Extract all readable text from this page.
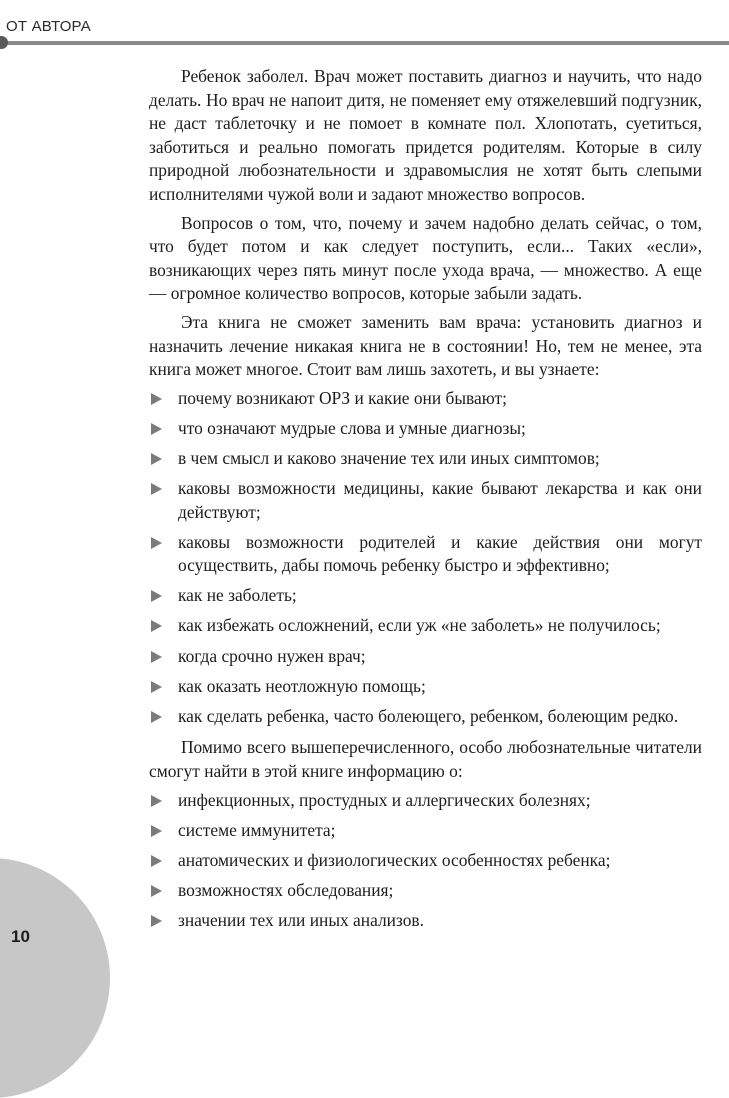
ОТ АВТОРА
10

Ребенок заболел. Врач может поставить диагноз и научить, что надо делать. Но врач не напоит дитя, не поменяет ему отяжелевший подгузник, не даст таблеточку и не помоет в комнате пол. Хлопотать, суетиться, заботиться и реально помогать придется родителям. Которые в силу природной любознательности и здравомыслия не хотят быть слепыми исполнителями чужой воли и задают множество вопросов.

Вопросов о том, что, почему и зачем надобно делать сейчас, о том, что будет потом и как следует поступить, если... Таких «если», возникающих через пять минут после ухода врача, — множество. А еще — огромное количество вопросов, которые забыли задать.

Эта книга не сможет заменить вам врача: установить диагноз и назначить лечение никакая книга не в состоянии! Но, тем не менее, эта книга может многое. Стоит вам лишь захотеть, и вы узнаете:

почему возникают ОРЗ и какие они бывают;
что означают мудрые слова и умные диагнозы;
в чем смысл и каково значение тех или иных симптомов;
каковы возможности медицины, какие бывают лекарства и как они действуют;
каковы возможности родителей и какие действия они могут осуществить, дабы помочь ребенку быстро и эффективно;
как не заболеть;
как избежать осложнений, если уж «не заболеть» не получилось;
когда срочно нужен врач;
как оказать неотложную помощь;
как сделать ребенка, часто болеющего, ребенком, болеющим редко.

Помимо всего вышеперечисленного, особо любознательные читатели смогут найти в этой книге информацию о:

инфекционных, простудных и аллергических болезнях;
системе иммунитета;
анатомических и физиологических особенностях ребенка;
возможностях обследования;
значении тех или иных анализов.
